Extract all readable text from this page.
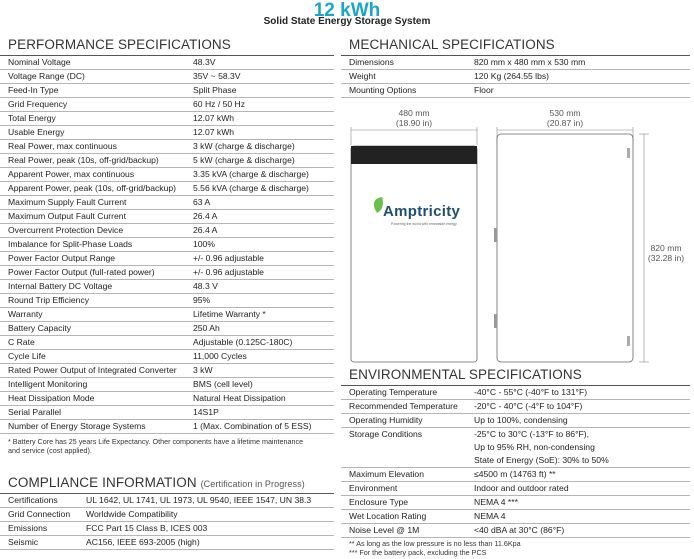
12 kWh
Solid State Energy Storage System
PERFORMANCE SPECIFICATIONS
Nominal Voltage	48.3V
Voltage Range (DC)	35V ~ 58.3V
Feed-In Type	Split Phase
Grid Frequency	60 Hz / 50 Hz
Total Energy	12.07 kWh
Usable Energy	12.07 kWh
Real Power, max continuous	3 kW (charge & discharge)
Real Power, peak (10s, off-grid/backup)	5 kW (charge & discharge)
Apparent Power, max continuous	3.35 kVA (charge & discharge)
Apparent Power, peak (10s, off-grid/backup)	5.56 kVA (charge & discharge)
Maximum Supply Fault Current	63 A
Maximum Output Fault Current	26.4 A
Overcurrent Protection Device	26.4 A
Imbalance for Split-Phase Loads	100%
Power Factor Output Range	+/- 0.96 adjustable
Power Factor Output (full-rated power)	+/- 0.96 adjustable
Internal Battery DC Voltage	48.3 V
Round Trip Efficiency	95%
Warranty	Lifetime Warranty *
Battery Capacity	250 Ah
C Rate	Adjustable (0.125C-180C)
Cycle Life	11,000 Cycles
Rated Power Output of Integrated Converter	3 kW
Intelligent Monitoring	BMS (cell level)
Heat Dissipation Mode	Natural Heat Dissipation
Serial Parallel	14S1P
Number of Energy Storage Systems	1 (Max. Combination of 5 ESS)
* Battery Core has 25 years Life Expectancy. Other components have a lifetime maintenance
and service (cost applied).
COMPLIANCE INFORMATION (Certification in Progress)
Certifications	UL 1642, UL 1741, UL 1973, UL 9540, IEEE 1547, UN 38.3
Grid Connection	Worldwide Compatibility
Emissions	FCC Part 15 Class B, ICES 003
Seismic	AC156, IEEE 693-2005 (high)
MECHANICAL SPECIFICATIONS
Dimensions	820 mm x 480 mm x 530 mm
Weight	120 Kg (264.55 lbs)
Mounting Options	Floor
480 mm
(18.90 in)
530 mm
(20.87 in)
820 mm
(32.28 in)
Amptricity
Powering the world with renewable energy
ENVIRONMENTAL SPECIFICATIONS
Operating Temperature	-40°C - 55°C (-40°F to 131°F)

Recommended Temperature	-20°C - 40°C (-4°F to 104°F)

Operating Humidity	Up to 100%, condensing

Storage Conditions	-25°C to 30°C (-13°F to 86°F),
Up to 95% RH, non-condensing
State of Energy (SoE): 30% to 50%

Maximum Elevation	≤4500 m (14763 ft) **

Environment	Indoor and outdoor rated

Enclosure Type	NEMA 4 ***

Wet Location Rating	NEMA 4

Noise Level @ 1M	<40 dBA at 30°C (86°F)
** As long as the low pressure is no less than 11.6Kpa
*** For the battery pack, excluding the PCS
